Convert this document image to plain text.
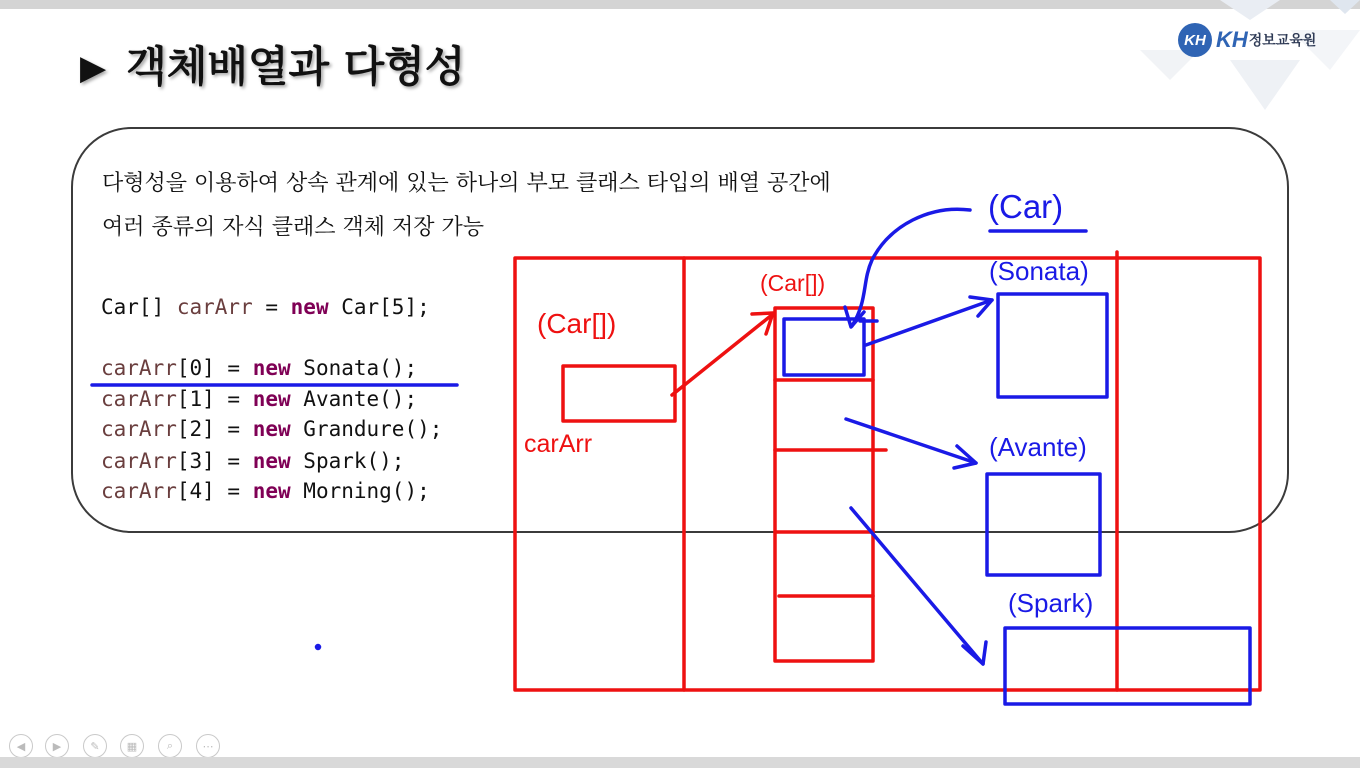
▶ 객체배열과 다형성
KH KH 정보교육원
다형성을 이용하여 상속 관계에 있는 하나의 부모 클래스 타입의 배열 공간에
여러 종류의 자식 클래스 객체 저장 가능
Car[] carArr = new Car[5];
carArr[0] = new Sonata();
carArr[1] = new Avante();
carArr[2] = new Grandure();
carArr[3] = new Spark();
carArr[4] = new Morning();
(Car[])
carArr
(Car[])
(Car)
(Sonata)
(Avante)
(Spark)
◀	▶	✎	▦	⌕	⋯
